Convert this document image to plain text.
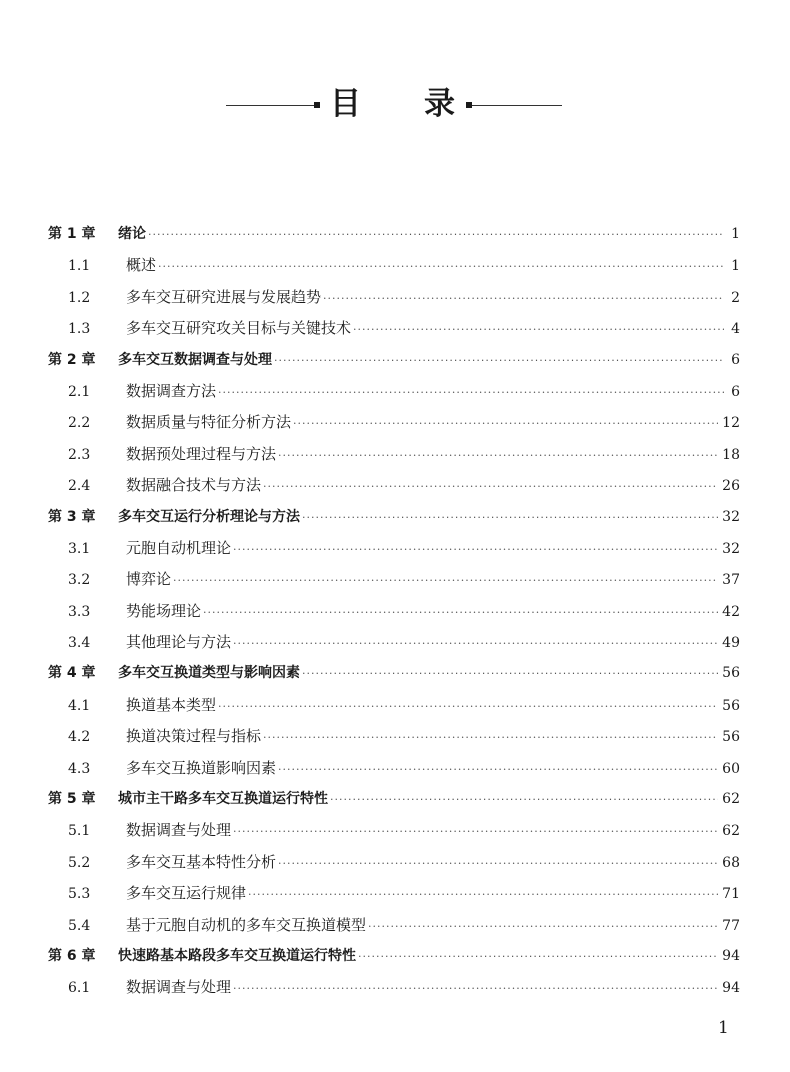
目 录
第 1 章	绪论 ·····	1
1.1	概述 ·····	1
1.2	多车交互研究进展与发展趋势 ·····	2
1.3	多车交互研究攻关目标与关键技术 ·····	4
第 2 章	多车交互数据调查与处理 ·····	6
2.1	数据调查方法 ·····	6
2.2	数据质量与特征分析方法 ·····	12
2.3	数据预处理过程与方法 ·····	18
2.4	数据融合技术与方法 ·····	26
第 3 章	多车交互运行分析理论与方法 ·····	32
3.1	元胞自动机理论 ·····	32
3.2	博弈论 ·····	37
3.3	势能场理论 ·····	42
3.4	其他理论与方法 ·····	49
第 4 章	多车交互换道类型与影响因素 ·····	56
4.1	换道基本类型 ·····	56
4.2	换道决策过程与指标 ·····	56
4.3	多车交互换道影响因素 ·····	60
第 5 章	城市主干路多车交互换道运行特性 ·····	62
5.1	数据调查与处理 ·····	62
5.2	多车交互基本特性分析 ·····	68
5.3	多车交互运行规律 ·····	71
5.4	基于元胞自动机的多车交互换道模型 ·····	77
第 6 章	快速路基本路段多车交互换道运行特性 ·····	94
6.1	数据调查与处理 ·····	94
1
